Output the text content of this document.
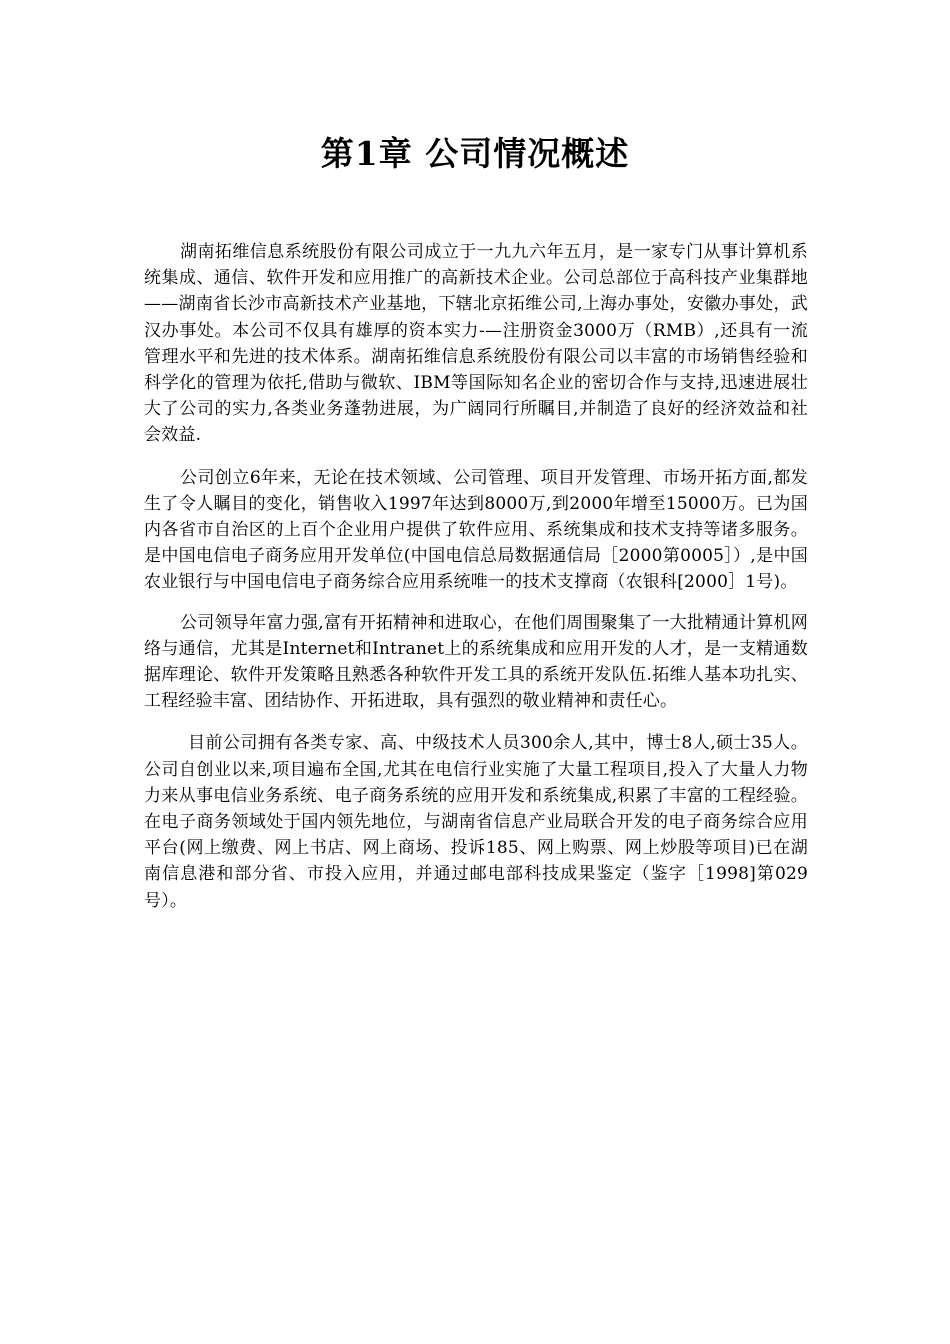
第1章 公司情况概述

湖南拓维信息系统股份有限公司成立于一九九六年五月，是一家专门从事计算机系统集成、通信、软件开发和应用推广的高新技术企业。公司总部位于高科技产业集群地——湖南省长沙市高新技术产业基地，下辖北京拓维公司,上海办事处，安徽办事处，武汉办事处。本公司不仅具有雄厚的资本实力-—注册资金3000万（RMB）,还具有一流管理水平和先进的技术体系。湖南拓维信息系统股份有限公司以丰富的市场销售经验和科学化的管理为依托,借助与微软、IBM等国际知名企业的密切合作与支持,迅速进展壮大了公司的实力,各类业务蓬勃进展，为广阔同行所瞩目,并制造了良好的经济效益和社会效益.

公司创立6年来，无论在技术领域、公司管理、项目开发管理、市场开拓方面,都发生了令人瞩目的变化，销售收入1997年达到8000万,到2000年增至15000万。已为国内各省市自治区的上百个企业用户提供了软件应用、系统集成和技术支持等诸多服务。是中国电信电子商务应用开发单位(中国电信总局数据通信局［2000第0005］）,是中国农业银行与中国电信电子商务综合应用系统唯一的技术支撑商（农银科[2000］1号)。

公司领导年富力强,富有开拓精神和进取心，在他们周围聚集了一大批精通计算机网络与通信，尤其是Internet和Intranet上的系统集成和应用开发的人才，是一支精通数据库理论、软件开发策略且熟悉各种软件开发工具的系统开发队伍.拓维人基本功扎实、工程经验丰富、团结协作、开拓进取，具有强烈的敬业精神和责任心。

目前公司拥有各类专家、高、中级技术人员300余人,其中，博士8人,硕士35人。公司自创业以来,项目遍布全国,尤其在电信行业实施了大量工程项目,投入了大量人力物力来从事电信业务系统、电子商务系统的应用开发和系统集成,积累了丰富的工程经验。在电子商务领域处于国内领先地位，与湖南省信息产业局联合开发的电子商务综合应用平台(网上缴费、网上书店、网上商场、投诉185、网上购票、网上炒股等项目)已在湖南信息港和部分省、市投入应用，并通过邮电部科技成果鉴定（鉴字［1998]第029号）。
